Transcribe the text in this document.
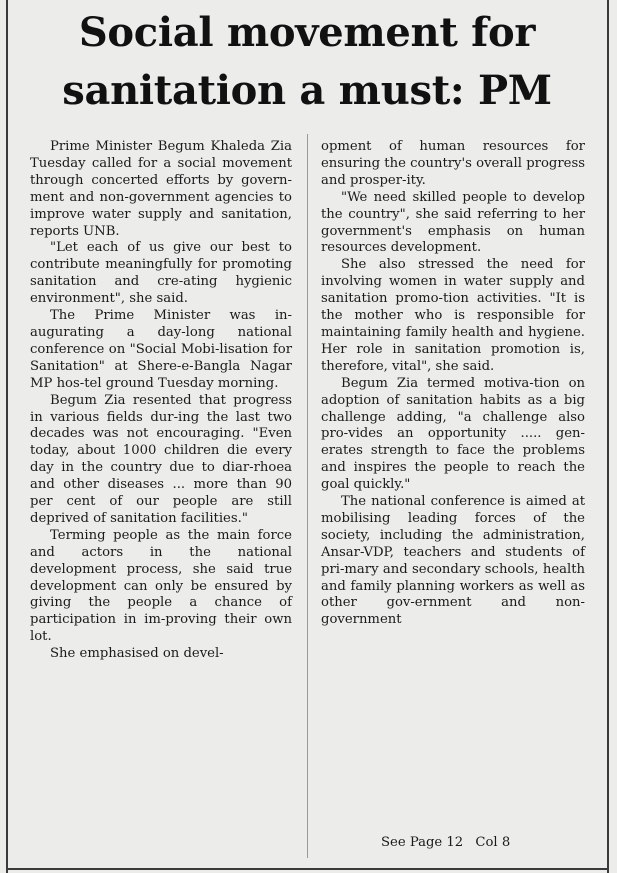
Social movement for
sanitation a must: PM

Prime Minister Begum Khaleda Zia Tuesday called for a social movement through concerted efforts by govern-ment and non-government agencies to improve water supply and sanitation, reports UNB.

"Let each of us give our best to contribute meaningfully for promoting sanitation and cre-ating hygienic environment", she said.

The Prime Minister was in-augurating a day-long national conference on "Social Mobi-lisation for Sanitation" at Shere-e-Bangla Nagar MP hos-tel ground Tuesday morning.

Begum Zia resented that progress in various fields dur-ing the last two decades was not encouraging. "Even today, about 1000 children die every day in the country due to diar-rhoea and other diseases ... more than 90 per cent of our people are still deprived of sanitation facilities."

Terming people as the main force and actors in the national development process, she said true development can only be ensured by giving the people a chance of participation in im-proving their own lot.

She emphasised on devel-

opment of human resources for ensuring the country's overall progress and prosper-ity.

"We need skilled people to develop the country", she said referring to her government's emphasis on human resources development.

She also stressed the need for involving women in water supply and sanitation promo-tion activities. "It is the mother who is responsible for maintaining family health and hygiene. Her role in sanitation promotion is, therefore, vital", she said.

Begum Zia termed motiva-tion on adoption of sanitation habits as a big challenge adding, "a challenge also pro-vides an opportunity ..... gen-erates strength to face the problems and inspires the people to reach the goal quickly."

The national conference is aimed at mobilising leading forces of the society, including the administration, Ansar-VDP, teachers and students of pri-mary and secondary schools, health and family planning workers as well as other gov-ernment and non-government

See Page 12 Col 8
